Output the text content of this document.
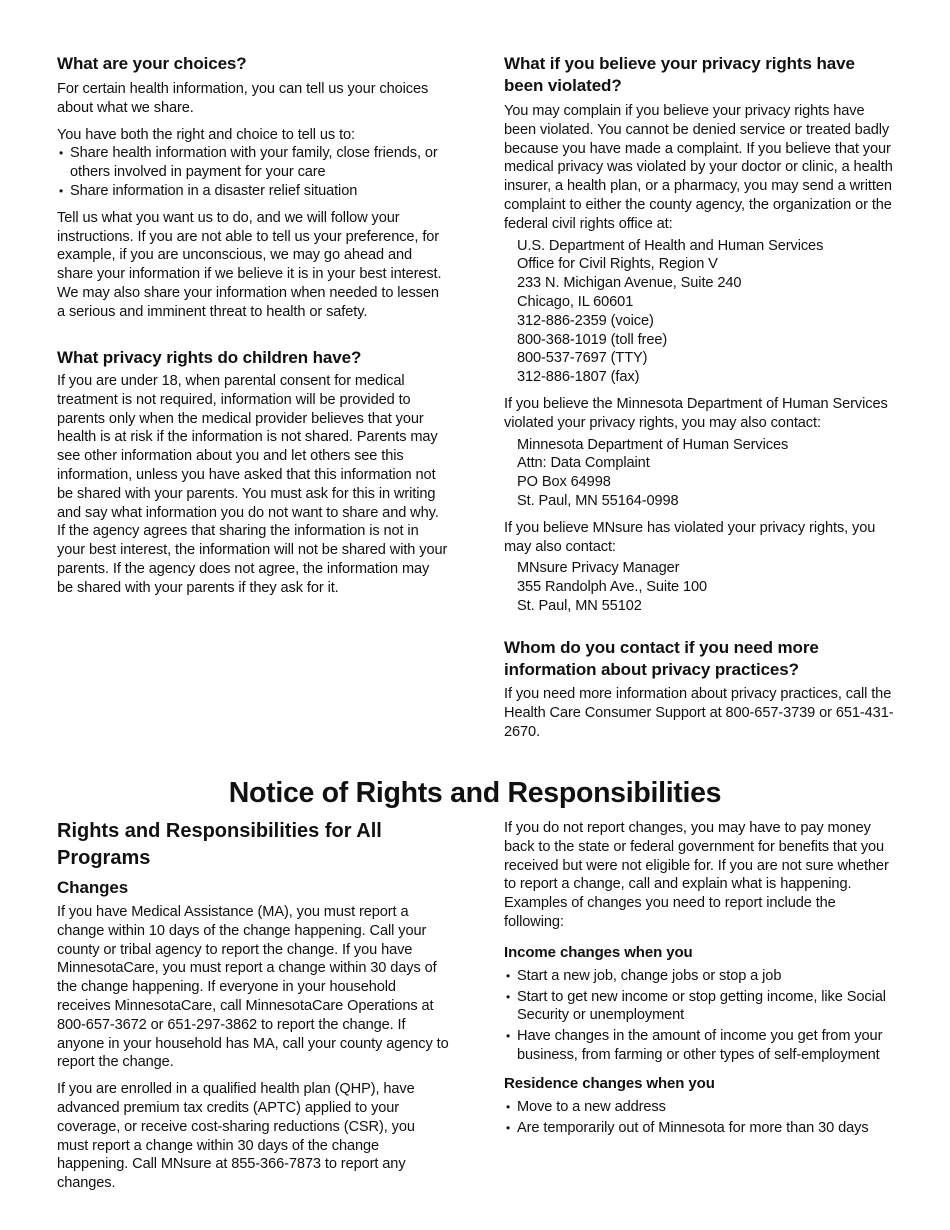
What are your choices?

For certain health information, you can tell us your choices about what we share.

You have both the right and choice to tell us to:

• Share health information with your family, close friends, or others involved in payment for your care
• Share information in a disaster relief situation

Tell us what you want us to do, and we will follow your instructions. If you are not able to tell us your preference, for example, if you are unconscious, we may go ahead and share your information if we believe it is in your best interest. We may also share your information when needed to lessen a serious and imminent threat to health or safety.

What privacy rights do children have?

If you are under 18, when parental consent for medical treatment is not required, information will be provided to parents only when the medical provider believes that your health is at risk if the information is not shared. Parents may see other information about you and let others see this information, unless you have asked that this information not be shared with your parents. You must ask for this in writing and say what information you do not want to share and why. If the agency agrees that sharing the information is not in your best interest, the information will not be shared with your parents. If the agency does not agree, the information may be shared with your parents if they ask for it.

What if you believe your privacy rights have been violated?

You may complain if you believe your privacy rights have been violated. You cannot be denied service or treated badly because you have made a complaint. If you believe that your medical privacy was violated by your doctor or clinic, a health insurer, a health plan, or a pharmacy, you may send a written complaint to either the county agency, the organization or the federal civil rights office at:

U.S. Department of Health and Human Services
Office for Civil Rights, Region V
233 N. Michigan Avenue, Suite 240
Chicago, IL 60601
312-886-2359 (voice)
800-368-1019 (toll free)
800-537-7697 (TTY)
312-886-1807 (fax)

If you believe the Minnesota Department of Human Services violated your privacy rights, you may also contact:

Minnesota Department of Human Services
Attn: Data Complaint
PO Box 64998
St. Paul, MN 55164-0998

If you believe MNsure has violated your privacy rights, you may also contact:

MNsure Privacy Manager
355 Randolph Ave., Suite 100
St. Paul, MN 55102
Whom do you contact if you need more information about privacy practices?

If you need more information about privacy practices, call the Health Care Consumer Support at 800-657-3739 or 651-431-2670.

Notice of Rights and Responsibilities
Rights and Responsibilities for All Programs
Changes

If you have Medical Assistance (MA), you must report a change within 10 days of the change happening. Call your county or tribal agency to report the change. If you have MinnesotaCare, you must report a change within 30 days of the change happening. If everyone in your household receives MinnesotaCare, call MinnesotaCare Operations at 800-657-3672 or 651-297-3862 to report the change. If anyone in your household has MA, call your county agency to report the change.

If you are enrolled in a qualified health plan (QHP), have advanced premium tax credits (APTC) applied to your coverage, or receive cost-sharing reductions (CSR), you must report a change within 30 days of the change happening. Call MNsure at 855-366-7873 to report any changes.

If you do not report changes, you may have to pay money back to the state or federal government for benefits that you received but were not eligible for. If you are not sure whether to report a change, call and explain what is happening. Examples of changes you need to report include the following:

Income changes when you
• Start a new job, change jobs or stop a job
• Start to get new income or stop getting income, like Social Security or unemployment
• Have changes in the amount of income you get from your business, from farming or other types of self-employment
Residence changes when you
• Move to a new address
• Are temporarily out of Minnesota for more than 30 days
